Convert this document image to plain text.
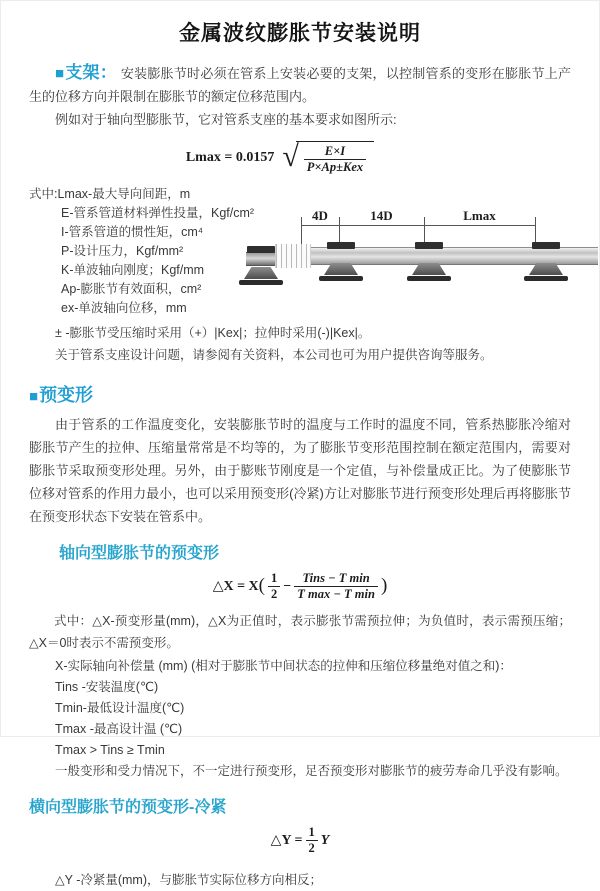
金属波纹膨胀节安装说明

■支架： 安装膨胀节时必须在管系上安装必要的支架，以控制管系的变形在膨胀节上产生的位移方向并限制在膨胀节的额定位移范围内。

例如对于轴向型膨胀节，它对管系支座的基本要求如图所示:

Lmax = 0.0157 √ $\frac{E\times I}{\text{P×Ap±Kex}}$

式中:Lmax-最大导向间距，m

E-管系管道材料弹性投量，Kgf/cm²

I-管系管道的惯性矩，cm⁴

P-设计压力，Kgf/mm²

K-单波轴向刚度；Kgf/mm

Ap-膨胀节有效面积，cm²

ex-单波轴向位移，mm

± -膨胀节受压缩时采用（+）|Kex|；拉伸时采用(-)|Kex|。

关于管系支座设计问题，请参阅有关资料，本公司也可为用户提供咨询等服务。

4D	14D	Lmax
■预变形

由于管系的工作温度变化，安装膨胀节时的温度与工作时的温度不同，管系热膨胀冷缩对膨胀节产生的拉伸、压缩量常常是不均等的，为了膨胀节变形范围控制在额定范围内，需要对膨胀节采取预变形处理。另外，由于膨账节刚度是一个定值，与补偿量成正比。为了使膨胀节位移对管系的作用力最小，也可以采用预变形(冷紧)方让对膨胀节进行预变形处理后再将膨胀节在预变形状态下安装在管系中。

轴向型膨胀节的预变形
△X = X ( $\frac{1}{2} - \frac{\text{Tins − T min}}{\text{T max − T min}}$ )

式中：△X-预变形量(mm)，△X为正值时，表示膨张节需预拉伸；为负值时，表示需预压缩；△X＝0时表示不需预变形。

X-实际轴向补偿量 (mm) (相对于膨胀节中间状态的拉伸和压缩位移量绝对值之和)：

Tins -安装温度(℃)

Tmin-最低设计温度(℃)

Tmax -最高设计温 (℃)

Tmax > Tins ≥ Tmin

一般变形和受力情况下，不一定进行预变形，足否预变形对膨胀节的疲劳寿命几乎没有影响。

横向型膨胀节的预变形-冷紧
△Y = $\frac{1}{2}$ Y

△Y -冷紧量(mm)，与膨胀节实际位移方向相反；
